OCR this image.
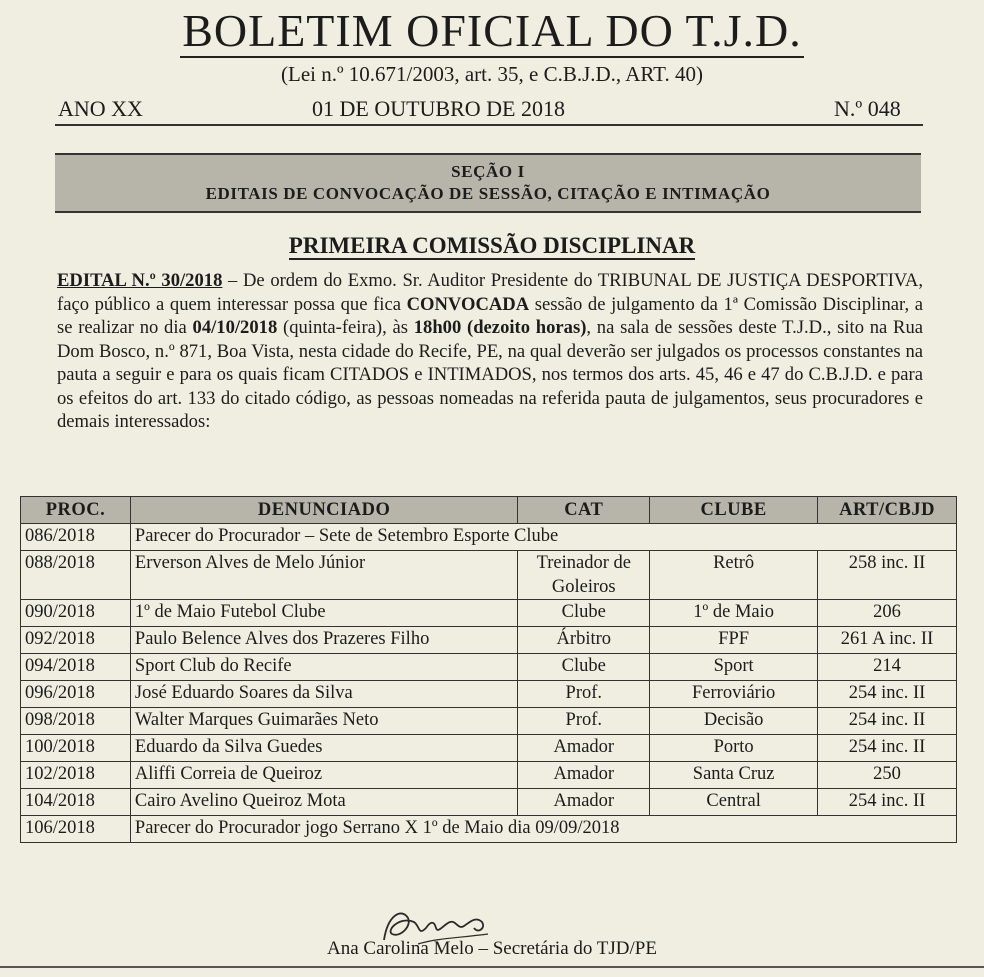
BOLETIM OFICIAL DO T.J.D.
(Lei n.º 10.671/2003, art. 35, e C.B.J.D., ART. 40)
ANO XX	01 DE OUTUBRO DE 2018	N.º 048
SEÇÃO I
EDITAIS DE CONVOCAÇÃO DE SESSÃO, CITAÇÃO E INTIMAÇÃO
PRIMEIRA COMISSÃO DISCIPLINAR
EDITAL N.º 30/2018 – De ordem do Exmo. Sr. Auditor Presidente do TRIBUNAL DE JUSTIÇA DESPORTIVA, faço público a quem interessar possa que fica CONVOCADA sessão de julgamento da 1ª Comissão Disciplinar, a se realizar no dia 04/10/2018 (quinta-feira), às 18h00 (dezoito horas), na sala de sessões deste T.J.D., sito na Rua Dom Bosco, n.º 871, Boa Vista, nesta cidade do Recife, PE, na qual deverão ser julgados os processos constantes na pauta a seguir e para os quais ficam CITADOS e INTIMADOS, nos termos dos arts. 45, 46 e 47 do C.B.J.D. e para os efeitos do art. 133 do citado código, as pessoas nomeadas na referida pauta de julgamentos, seus procuradores e demais interessados:
PROC.	DENUNCIADO	CAT	CLUBE	ART/CBJD
086/2018	Parecer do Procurador – Sete de Setembro Esporte Clube			
088/2018	Erverson Alves de Melo Júnior	Treinador de Goleiros	Retrô	258 inc. II
090/2018	1º de Maio Futebol Clube	Clube	1º de Maio	206
092/2018	Paulo Belence Alves dos Prazeres Filho	Árbitro	FPF	261 A inc. II
094/2018	Sport Club do Recife	Clube	Sport	214
096/2018	José Eduardo Soares da Silva	Prof.	Ferroviário	254 inc. II
098/2018	Walter Marques Guimarães Neto	Prof.	Decisão	254 inc. II
100/2018	Eduardo da Silva Guedes	Amador	Porto	254 inc. II
102/2018	Aliffi Correia de Queiroz	Amador	Santa Cruz	250
104/2018	Cairo Avelino Queiroz Mota	Amador	Central	254 inc. II
106/2018	Parecer do Procurador jogo Serrano X 1º de Maio dia 09/09/2018			
Ana Carolina Melo – Secretária do TJD/PE
